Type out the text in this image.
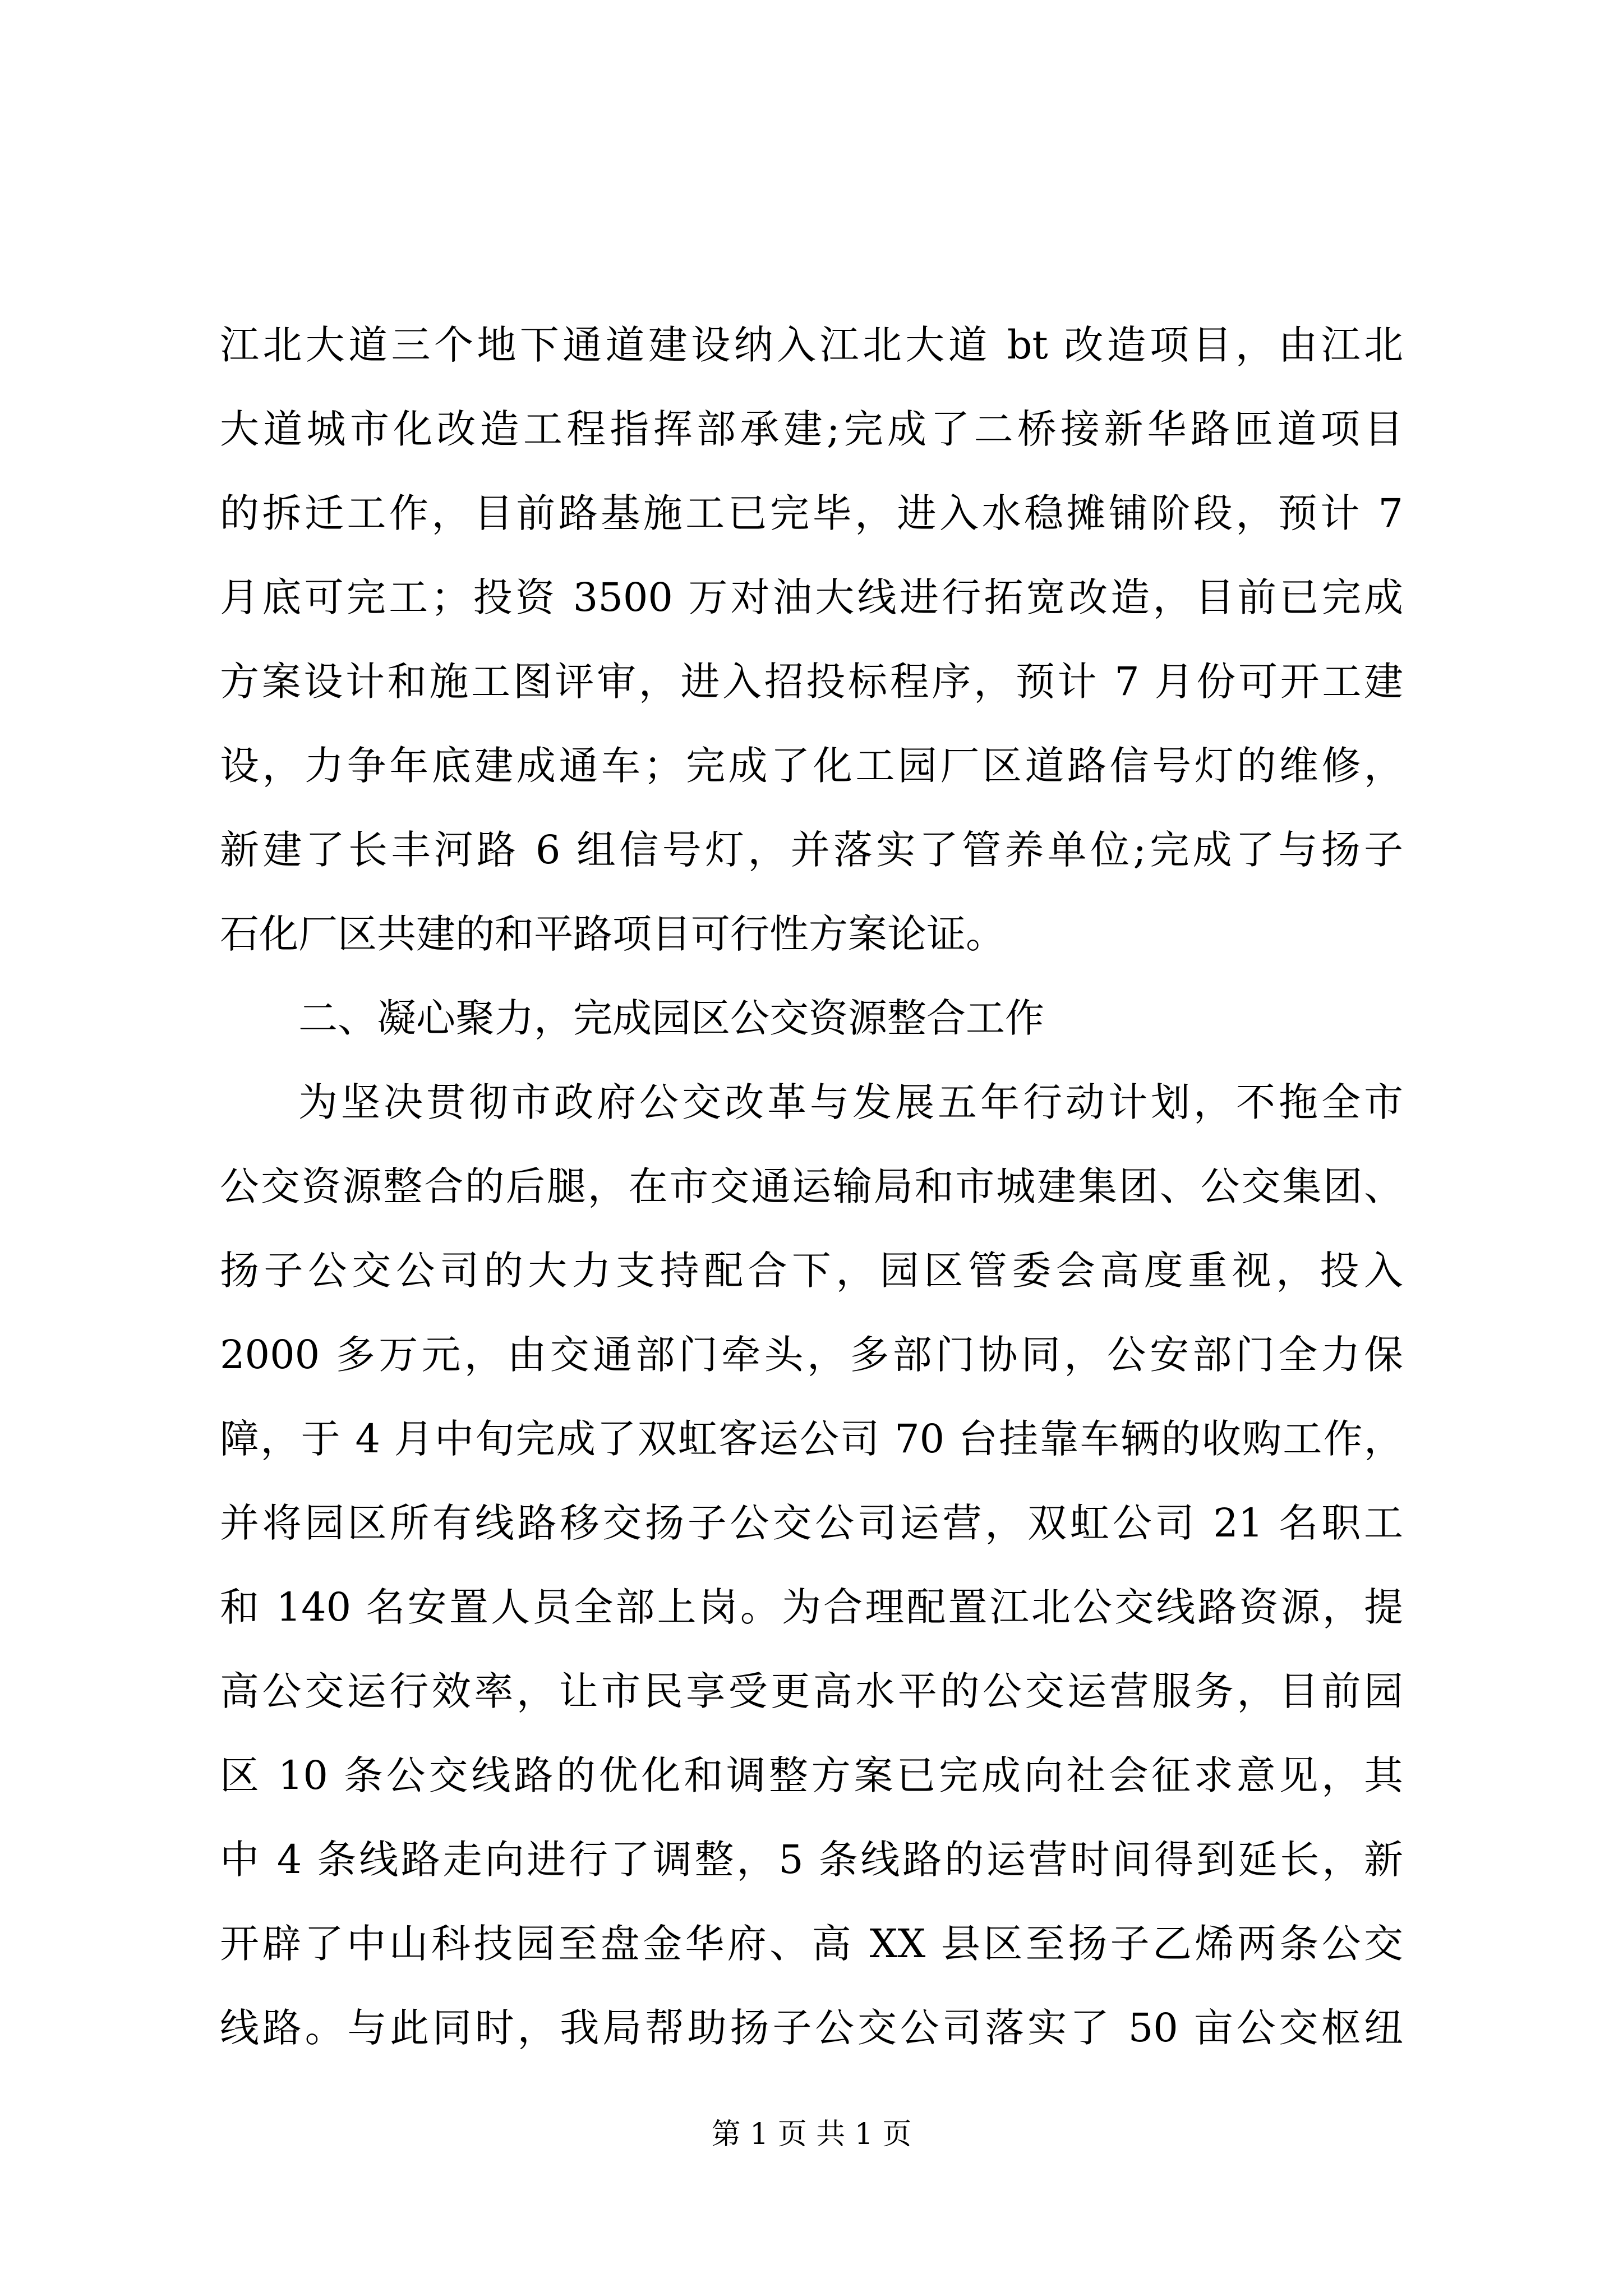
江北大道三个地下通道建设纳入江北大道 bt 改造项目，由江北
大道城市化改造工程指挥部承建;完成了二桥接新华路匝道项目
的拆迁工作，目前路基施工已完毕，进入水稳摊铺阶段，预计 7
月底可完工；投资 3500 万对油大线进行拓宽改造，目前已完成
方案设计和施工图评审，进入招投标程序，预计 7 月份可开工建
设，力争年底建成通车；完成了化工园厂区道路信号灯的维修，
新建了长丰河路 6 组信号灯，并落实了管养单位;完成了与扬子
石化厂区共建的和平路项目可行性方案论证。
二、凝心聚力，完成园区公交资源整合工作
为坚决贯彻市政府公交改革与发展五年行动计划，不拖全市
公交资源整合的后腿，在市交通运输局和市城建集团、公交集团、
扬子公交公司的大力支持配合下，园区管委会高度重视，投入
2000 多万元，由交通部门牵头，多部门协同，公安部门全力保
障，于 4 月中旬完成了双虹客运公司 70 台挂靠车辆的收购工作，
并将园区所有线路移交扬子公交公司运营，双虹公司 21 名职工
和 140 名安置人员全部上岗。为合理配置江北公交线路资源，提
高公交运行效率，让市民享受更高水平的公交运营服务，目前园
区 10 条公交线路的优化和调整方案已完成向社会征求意见，其
中 4 条线路走向进行了调整，5 条线路的运营时间得到延长，新
开辟了中山科技园至盘金华府、高 XX 县区至扬子乙烯两条公交
线路。与此同时，我局帮助扬子公交公司落实了 50 亩公交枢纽
第 1 页 共 1 页
